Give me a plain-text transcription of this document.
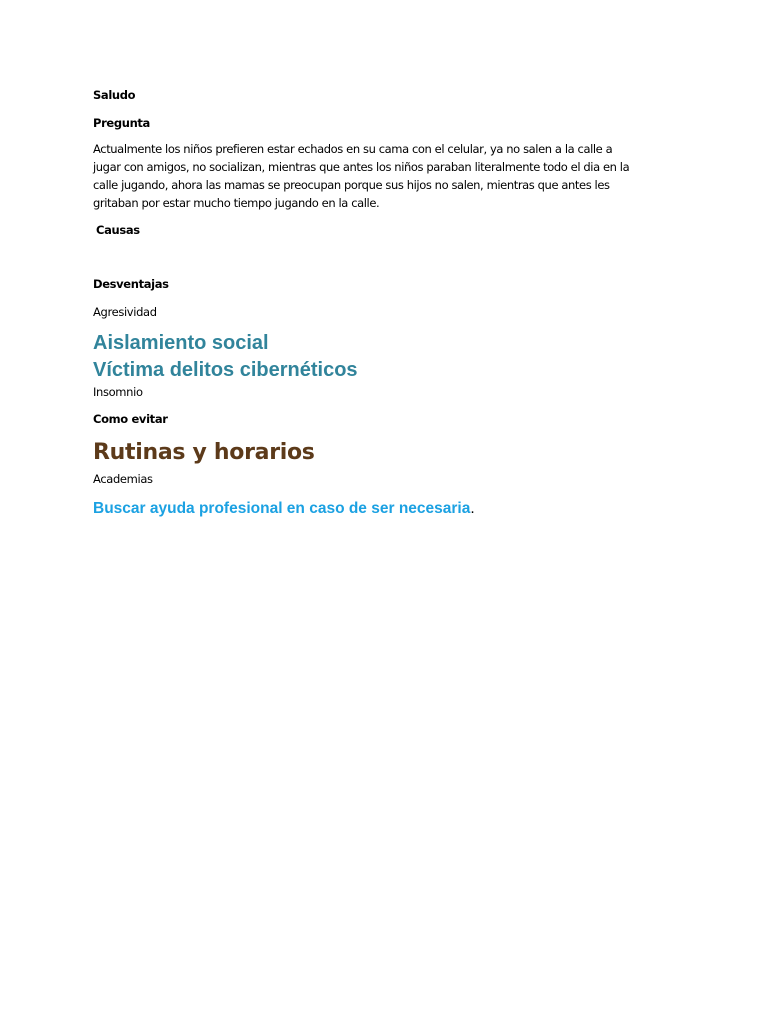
Saludo

Pregunta

Actualmente los niños prefieren estar echados en su cama con el celular, ya no salen a la calle a
jugar con amigos, no socializan, mientras que antes los niños paraban literalmente todo el dia en la
calle jugando, ahora las mamas se preocupan porque sus hijos no salen, mientras que antes les
gritaban por estar mucho tiempo jugando en la calle.

Causas

Desventajas

Agresividad

Aislamiento social

Víctima delitos cibernéticos

Insomnio

Como evitar

Rutinas y horarios

Academias

Buscar ayuda profesional en caso de ser necesaria.
